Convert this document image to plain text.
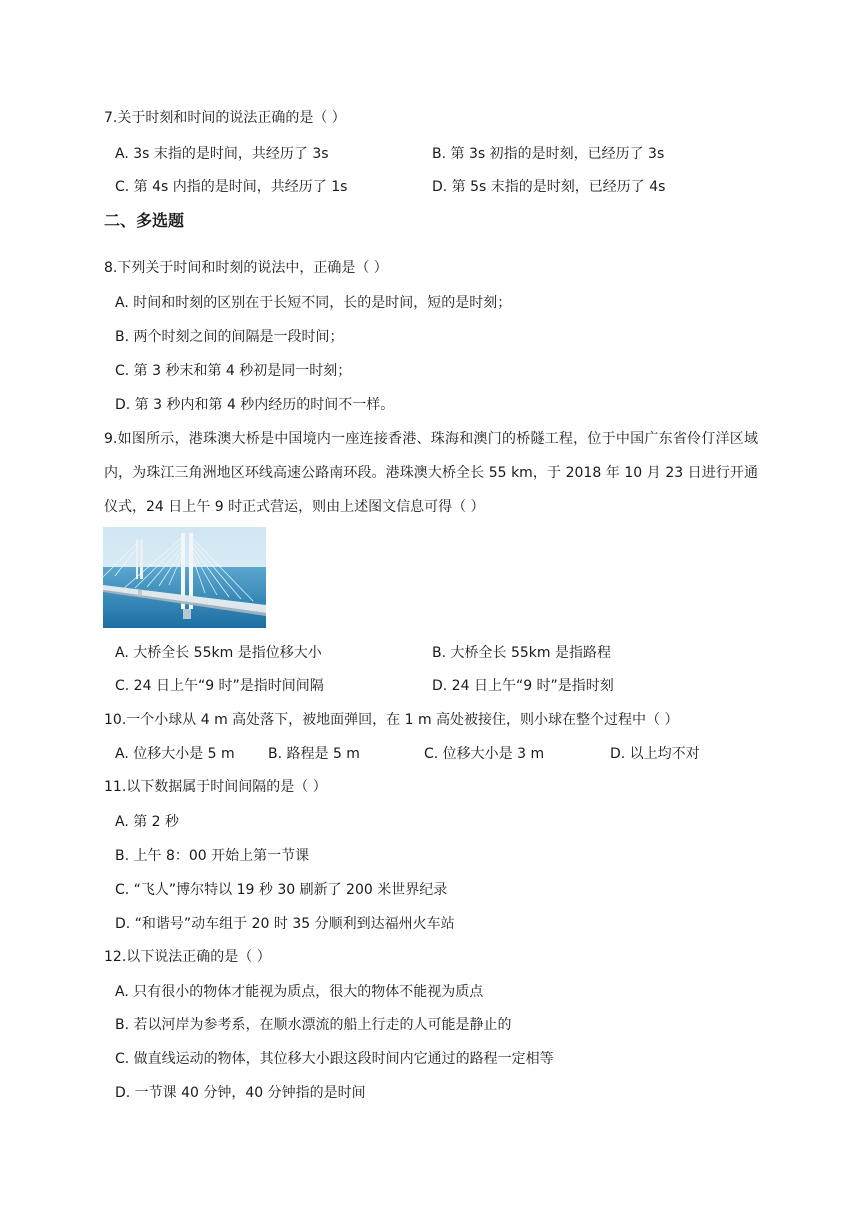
7.关于时刻和时间的说法正确的是（ ）
A. 3s 末指的是时间，共经历了 3s	B. 第 3s 初指的是时刻，已经历了 3s
C. 第 4s 内指的是时间，共经历了 1s	D. 第 5s 末指的是时刻，已经历了 4s
二、多选题
8.下列关于时间和时刻的说法中，正确是（ ）
A. 时间和时刻的区别在于长短不同，长的是时间，短的是时刻；
B. 两个时刻之间的间隔是一段时间；
C. 第 3 秒末和第 4 秒初是同一时刻；
D. 第 3 秒内和第 4 秒内经历的时间不一样。
9.如图所示，港珠澳大桥是中国境内一座连接香港、珠海和澳门的桥隧工程，位于中国广东省伶仃洋区域内，为珠江三角洲地区环线高速公路南环段。港珠澳大桥全长 55 km，于 2018 年 10 月 23 日进行开通仪式，24 日上午 9 时正式营运，则由上述图文信息可得（ ）
A. 大桥全长 55km 是指位移大小	B. 大桥全长 55km 是指路程
C. 24 日上午“9 时”是指时间间隔	D. 24 日上午“9 时”是指时刻
10.一个小球从 4 m 高处落下，被地面弹回，在 1 m 高处被接住，则小球在整个过程中（ ）
A. 位移大小是 5 m B. 路程是 5 m	C. 位移大小是 3 m	D. 以上均不对
11.以下数据属于时间间隔的是（ ）
A. 第 2 秒
B. 上午 8：00 开始上第一节课
C. “飞人”博尔特以 19 秒 30 刷新了 200 米世界纪录
D. “和谐号”动车组于 20 时 35 分顺利到达福州火车站
12.以下说法正确的是（ ）
A. 只有很小的物体才能视为质点，很大的物体不能视为质点
B. 若以河岸为参考系，在顺水漂流的船上行走的人可能是静止的
C. 做直线运动的物体，其位移大小跟这段时间内它通过的路程一定相等
D. 一节课 40 分钟，40 分钟指的是时间
